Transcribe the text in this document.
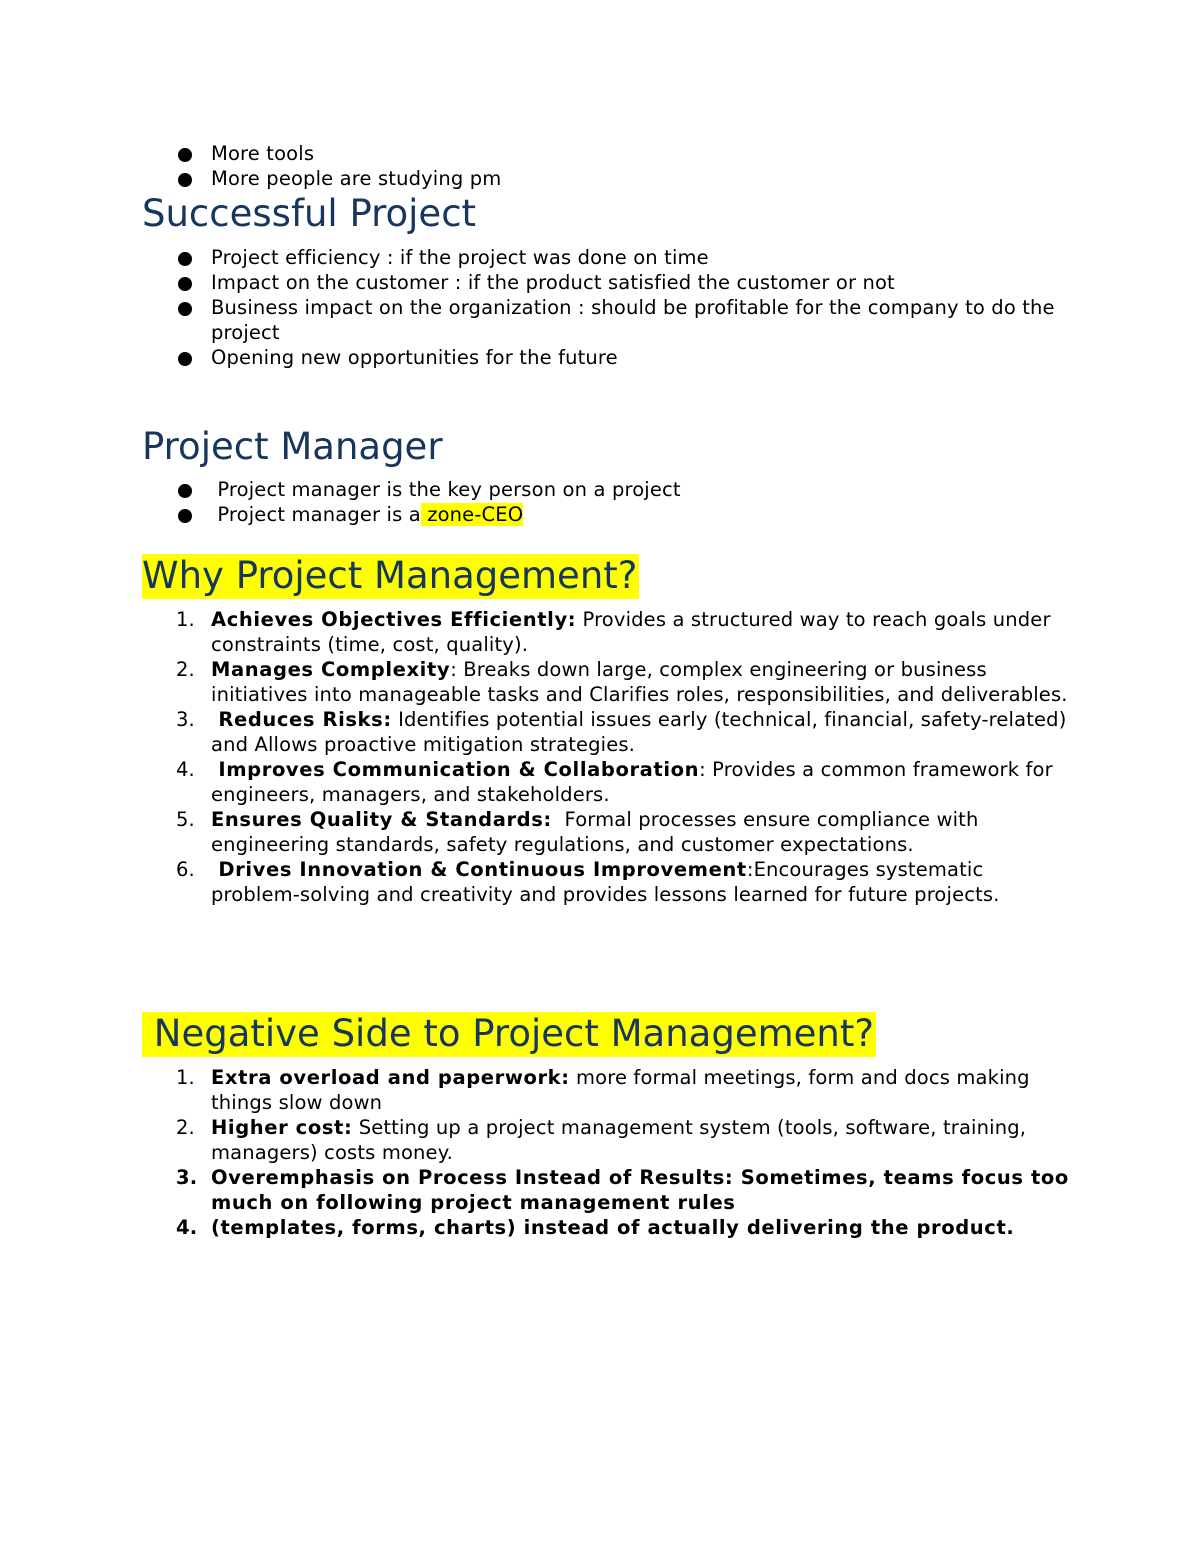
More tools
More people are studying pm
Successful Project
Project efficiency : if the project was done on time
Impact on the customer : if the product satisfied the customer or not
Business impact on the organization : should be profitable for the company to do the project
Opening new opportunities for the future
Project Manager
Project manager is the key person on a project
Project manager is a zone-CEO
Why Project Management?
1. Achieves Objectives Efficiently: Provides a structured way to reach goals under constraints (time, cost, quality).
2. Manages Complexity: Breaks down large, complex engineering or business initiatives into manageable tasks and Clarifies roles, responsibilities, and deliverables.
3. Reduces Risks: Identifies potential issues early (technical, financial, safety-related) and Allows proactive mitigation strategies.
4. Improves Communication & Collaboration: Provides a common framework for engineers, managers, and stakeholders.
5. Ensures Quality & Standards:  Formal processes ensure compliance with engineering standards, safety regulations, and customer expectations.
6. Drives Innovation & Continuous Improvement:Encourages systematic problem-solving and creativity and provides lessons learned for future projects.
Negative Side to Project Management?
1. Extra overload and paperwork: more formal meetings, form and docs making things slow down
2. Higher cost: Setting up a project management system (tools, software, training, managers) costs money.
3. Overemphasis on Process Instead of Results: Sometimes, teams focus too much on following project management rules
4. (templates, forms, charts) instead of actually delivering the product.
